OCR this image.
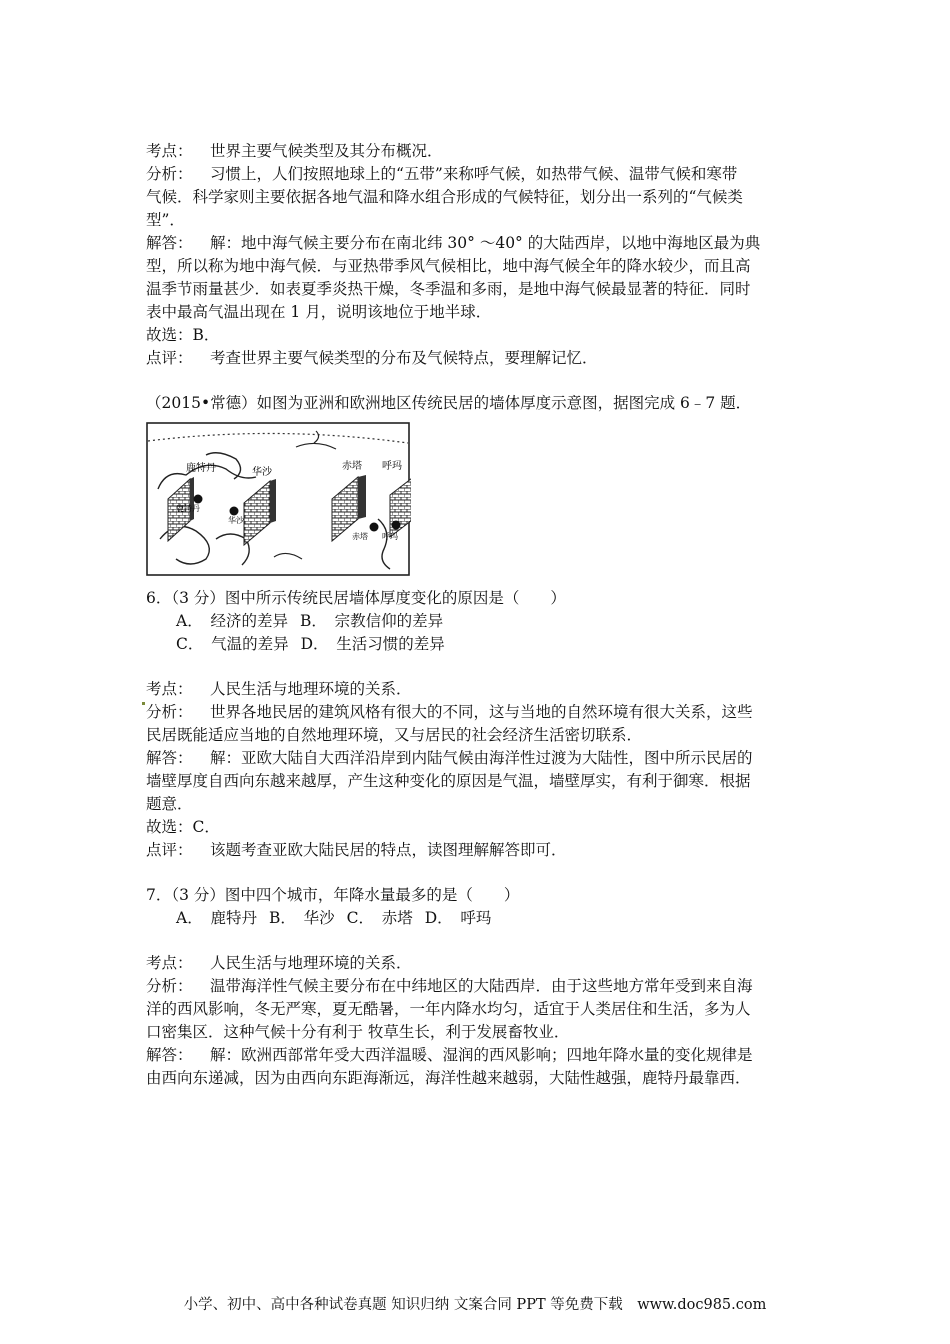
考点： 世界主要气候类型及其分布概况．
分析： 习惯上，人们按照地球上的“五带”来称呼气候，如热带气候、温带气候和寒带
气候．科学家则主要依据各地气温和降水组合形成的气候特征，划分出一系列的“气候类
型”．
解答： 解：地中海气候主要分布在南北纬 30° ～40° 的大陆西岸，以地中海地区最为典
型，所以称为地中海气候．与亚热带季风气候相比，地中海气候全年的降水较少，而且高
温季节雨量甚少．如表夏季炎热干燥，冬季温和多雨，是地中海气候最显著的特征．同时
表中最高气温出现在 1 月，说明该地位于地半球．
故选：B．
点评： 考查世界主要气候类型的分布及气候特点，要理解记忆．
（2015•常德）如图为亚洲和欧洲地区传统民居的墙体厚度示意图，据图完成 6﹣7 题．
鹿特丹	华沙
赤塔 呼玛
华沙
赤塔 呼玛
鹿特丹
6．（3 分）图中所示传统民居墙体厚度变化的原因是（　　）
A．　经济的差异 B．　宗教信仰的差异
C．　气温的差异 D．　生活习惯的差异
考点： 人民生活与地理环境的关系．
分析： 世界各地民居的建筑风格有很大的不同，这与当地的自然环境有很大关系，这些
民居既能适应当地的自然地理环境，又与居民的社会经济生活密切联系．
解答： 解：亚欧大陆自大西洋沿岸到内陆气候由海洋性过渡为大陆性，图中所示民居的
墙壁厚度自西向东越来越厚，产生这种变化的原因是气温，墙壁厚实，有利于御寒．根据
题意．
故选：C．
点评： 该题考查亚欧大陆民居的特点，读图理解解答即可．
7．（3 分）图中四个城市，年降水量最多的是（　　）
A．　鹿特丹 B．　华沙 C．　赤塔 D．　呼玛
考点： 人民生活与地理环境的关系．
分析： 温带海洋性气候主要分布在中纬地区的大陆西岸．由于这些地方常年受到来自海
洋的西风影响，冬无严寒，夏无酷暑，一年内降水均匀，适宜于人类居住和生活，多为人
口密集区．这种气候十分有利于 牧草生长，利于发展畜牧业．
解答： 解：欧洲西部常年受大西洋温暖、湿润的西风影响；四地年降水量的变化规律是
由西向东递减，因为由西向东距海渐远，海洋性越来越弱，大陆性越强，鹿特丹最靠西．
小学、初中、高中各种试卷真题 知识归纳 文案合同 PPT 等免费下载　www.doc985.com
